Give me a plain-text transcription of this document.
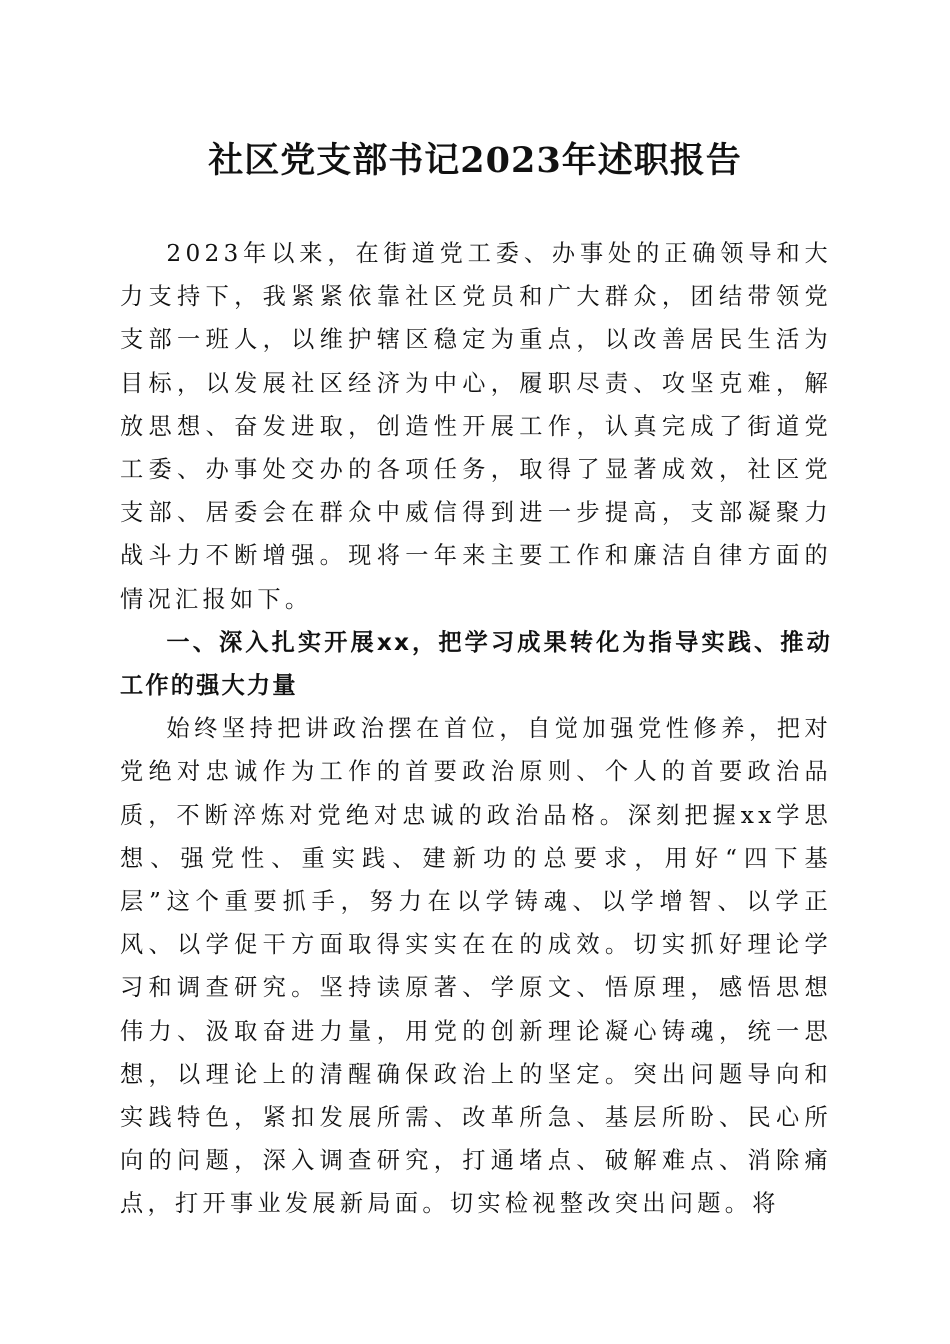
社区党支部书记2023年述职报告

2023年以来，在街道党工委、办事处的正确领导和大力支持下，我紧紧依靠社区党员和广大群众，团结带领党支部一班人，以维护辖区稳定为重点，以改善居民生活为目标，以发展社区经济为中心，履职尽责、攻坚克难，解放思想、奋发进取，创造性开展工作，认真完成了街道党工委、办事处交办的各项任务，取得了显著成效，社区党支部、居委会在群众中威信得到进一步提高，支部凝聚力战斗力不断增强。现将一年来主要工作和廉洁自律方面的情况汇报如下。

一、深入扎实开展xx，把学习成果转化为指导实践、推动工作的强大力量

始终坚持把讲政治摆在首位，自觉加强党性修养，把对党绝对忠诚作为工作的首要政治原则、个人的首要政治品质，不断淬炼对党绝对忠诚的政治品格。深刻把握xx学思想、强党性、重实践、建新功的总要求，用好“四下基层”这个重要抓手，努力在以学铸魂、以学增智、以学正风、以学促干方面取得实实在在的成效。切实抓好理论学习和调查研究。坚持读原著、学原文、悟原理，感悟思想伟力、汲取奋进力量，用党的创新理论凝心铸魂，统一思想，以理论上的清醒确保政治上的坚定。突出问题导向和实践特色，紧扣发展所需、改革所急、基层所盼、民心所向的问题，深入调查研究，打通堵点、破解难点、消除痛点，打开事业发展新局面。切实检视整改突出问题。将
